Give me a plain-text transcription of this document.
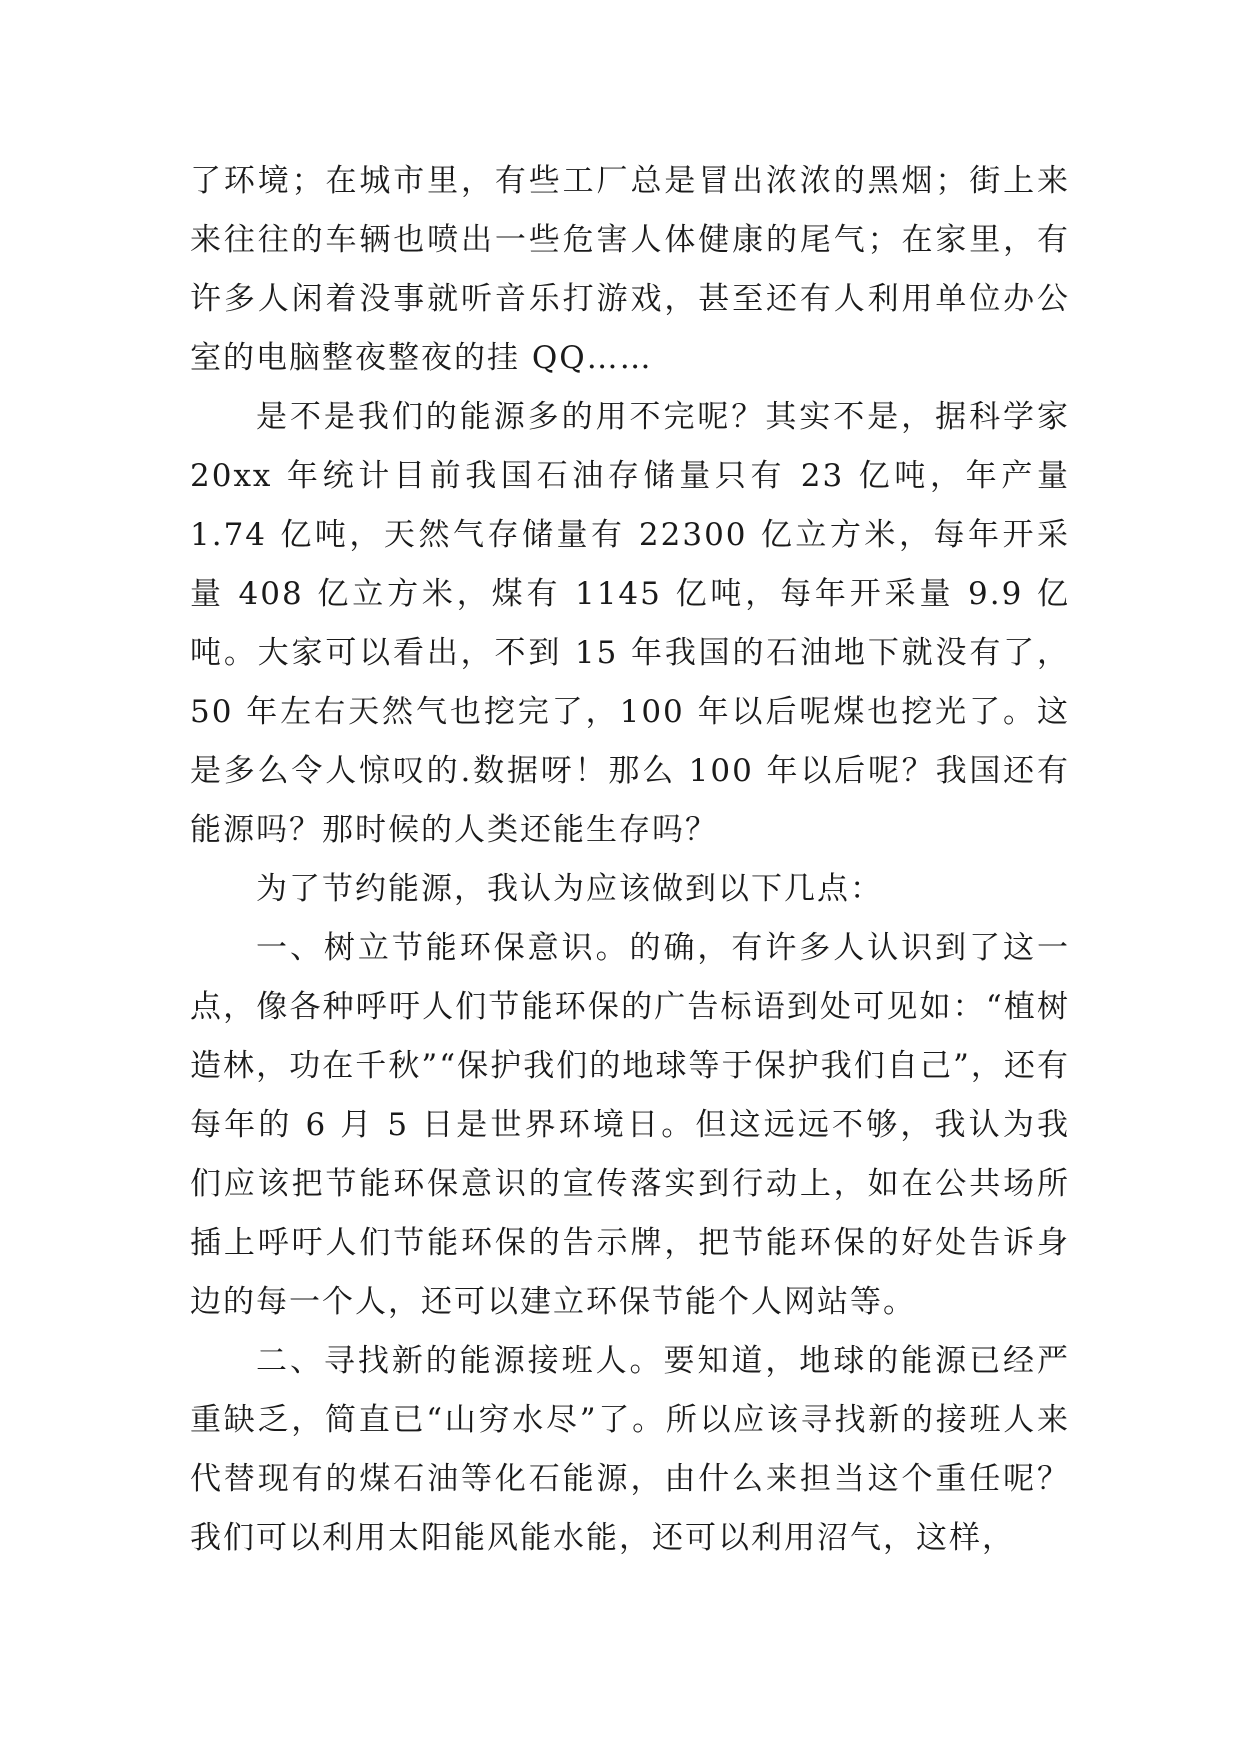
了环境；在城市里，有些工厂总是冒出浓浓的黑烟；街上来来往往的车辆也喷出一些危害人体健康的尾气；在家里，有许多人闲着没事就听音乐打游戏，甚至还有人利用单位办公室的电脑整夜整夜的挂 QQ……

是不是我们的能源多的用不完呢？其实不是，据科学家 20xx 年统计目前我国石油存储量只有 23 亿吨，年产量 1.74 亿吨，天然气存储量有 22300 亿立方米，每年开采量 408 亿立方米，煤有 1145 亿吨，每年开采量 9.9 亿吨。大家可以看出，不到 15 年我国的石油地下就没有了，50 年左右天然气也挖完了，100 年以后呢煤也挖光了。这是多么令人惊叹的.数据呀！那么 100 年以后呢？我国还有能源吗？那时候的人类还能生存吗？

为了节约能源，我认为应该做到以下几点：

一、树立节能环保意识。的确，有许多人认识到了这一点，像各种呼吁人们节能环保的广告标语到处可见如：“植树造林，功在千秋”“保护我们的地球等于保护我们自己”，还有每年的 6 月 5 日是世界环境日。但这远远不够，我认为我们应该把节能环保意识的宣传落实到行动上，如在公共场所插上呼吁人们节能环保的告示牌，把节能环保的好处告诉身边的每一个人，还可以建立环保节能个人网站等。

二、寻找新的能源接班人。要知道，地球的能源已经严重缺乏，简直已“山穷水尽”了。所以应该寻找新的接班人来代替现有的煤石油等化石能源，由什么来担当这个重任呢？我们可以利用太阳能风能水能，还可以利用沼气，这样，
